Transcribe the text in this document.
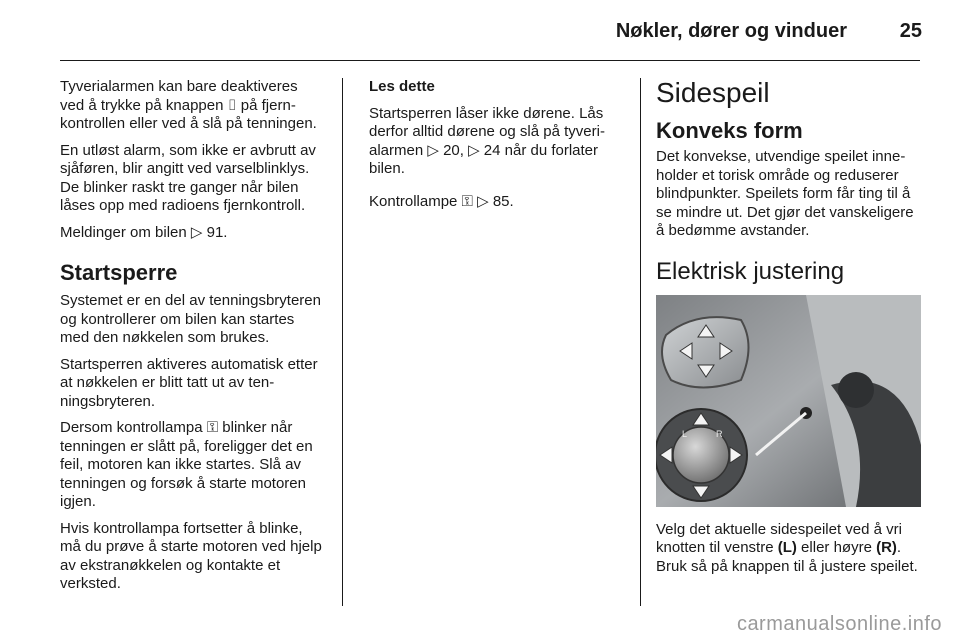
Nøkler, dører og vinduer	25

Tyverialarmen kan bare deaktiveres ved å trykke på knappen ⌷ på fjernkontrollen eller ved å slå på tenningen.

En utløst alarm, som ikke er avbrutt av sjåføren, blir angitt ved varselblinklys. De blinker raskt tre ganger når bilen låses opp med radioens fjernkontroll.

Meldinger om bilen ▷ 91.

Startsperre

Systemet er en del av tenningsbryteren og kontrollerer om bilen kan startes med den nøkkelen som brukes.

Startsperren aktiveres automatisk etter at nøkkelen er blitt tatt ut av tenningsbryteren.

Dersom kontrollampa ⚿ blinker når tenningen er slått på, foreligger det en feil, motoren kan ikke startes. Slå av tenningen og forsøk å starte motoren igjen.

Hvis kontrollampa fortsetter å blinke, må du prøve å starte motoren ved hjelp av ekstranøkkelen og kontakte et verksted.

Les dette

Startsperren låser ikke dørene. Lås derfor alltid dørene og slå på tyverialarmen ▷ 20, ▷ 24 når du forlater bilen.

Kontrollampe ⚿ ▷ 85.

Sidespeil
Konveks form

Det konvekse, utvendige speilet inneholder et torisk område og reduserer blindpunkter. Speilets form får ting til å se mindre ut. Det gjør det vanskeligere å bedømme avstander.

Elektrisk justering
L	R

Velg det aktuelle sidespeilet ved å vri knotten til venstre (L) eller høyre (R). Bruk så på knappen til å justere speilet.

carmanualsonline.info
